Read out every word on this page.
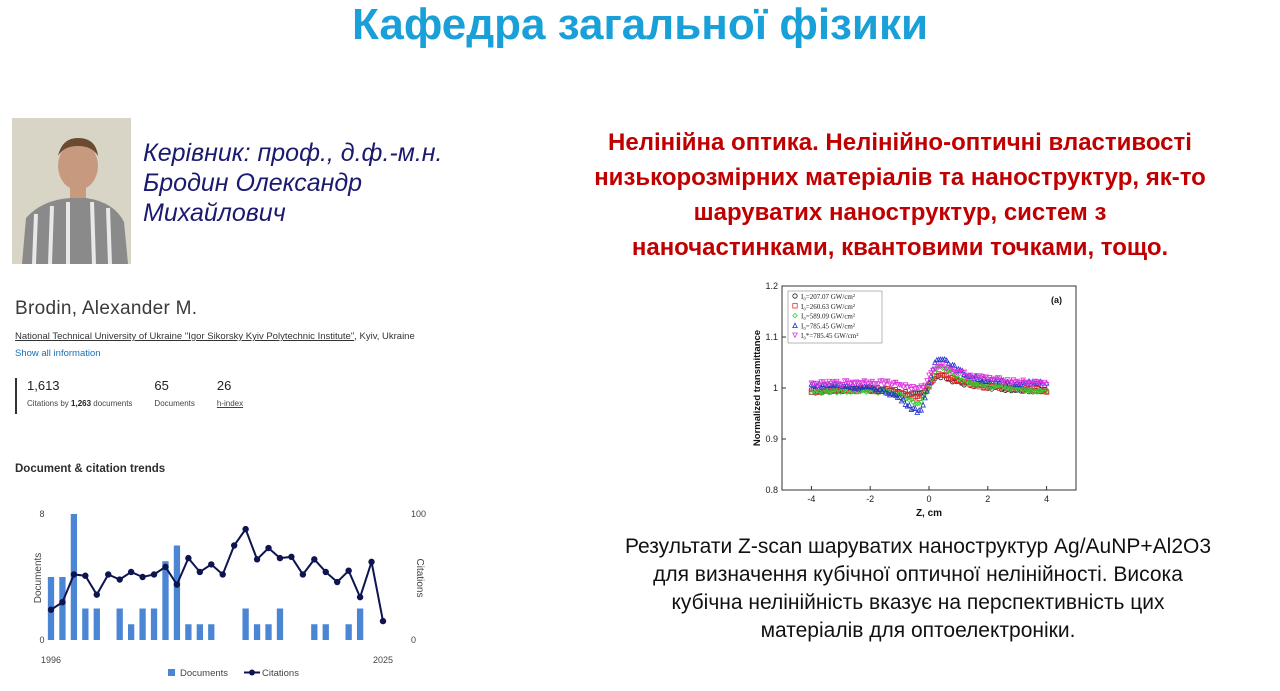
Кафедра загальної фізики
Керівник: проф., д.ф.-м.н.
Бродин Олександр
Михайлович
Нелінійна оптика. Нелінійно-оптичні властивості
низькорозмірних матеріалів та наноструктур, як-то
шаруватих наноструктур, систем з
наночастинками, квантовими точками, тощо.
Brodin, Alexander M.
National Technical University of Ukraine "Igor Sikorsky Kyiv Polytechnic Institute", Kyiv, Ukraine
Show all information
1,613
Citations by 1,263 documents
65
Documents
26
h-index
Document & citation trends
8
0
100
0
Documents	Citations
1996	2025
Documents	Citations
1.2
1.1
1
0.9
0.8
-4	-2	0	2	4
Z, cm
Normalized transmittance
(a)
I₀=207.07 GW/cm²
I₀=260.63 GW/cm²
I₀=589.09 GW/cm²
I₀=785.45 GW/cm²
I₀*=785.45 GW/cm²
Результати Z-scan шаруватих наноструктур Ag/AuNP+Al2O3
для визначення кубічної оптичної нелінійності. Висока
кубічна нелінійність вказує на перспективність цих
матеріалів для оптоелектроніки.
